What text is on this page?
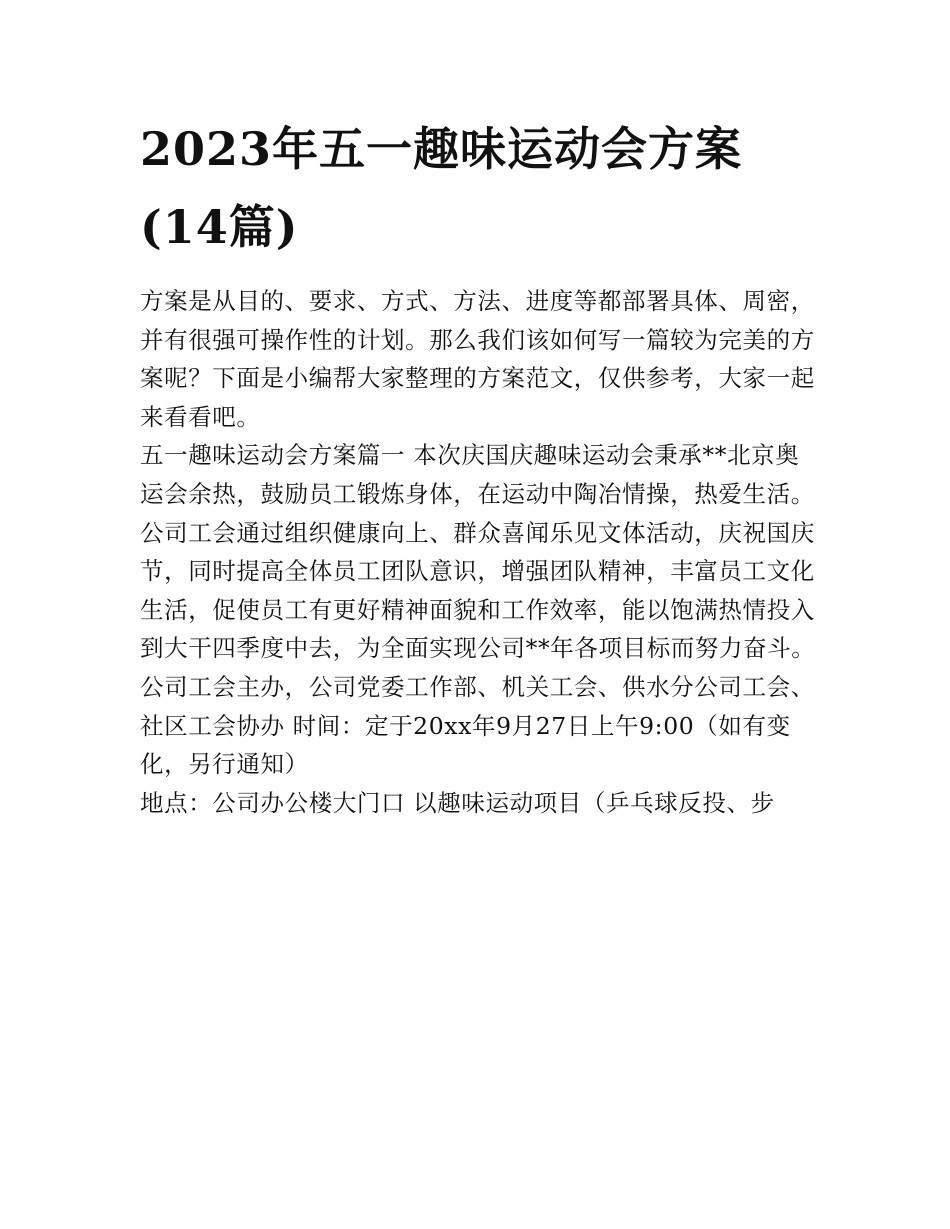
2023年五一趣味运动会方案(14篇)

方案是从目的、要求、方式、方法、进度等都部署具体、周密，并有很强可操作性的计划。那么我们该如何写一篇较为完美的方案呢？下面是小编帮大家整理的方案范文，仅供参考，大家一起来看看吧。

五一趣味运动会方案篇一 本次庆国庆趣味运动会秉承**北京奥运会余热，鼓励员工锻炼身体，在运动中陶冶情操，热爱生活。

公司工会通过组织健康向上、群众喜闻乐见文体活动，庆祝国庆节，同时提高全体员工团队意识，增强团队精神，丰富员工文化生活，促使员工有更好精神面貌和工作效率，能以饱满热情投入到大干四季度中去，为全面实现公司**年各项目标而努力奋斗。

公司工会主办，公司党委工作部、机关工会、供水分公司工会、社区工会协办 时间：定于20xx年9月27日上午9:00（如有变化，另行通知）

地点：公司办公楼大门口 以趣味运动项目（乒乓球反投、步
